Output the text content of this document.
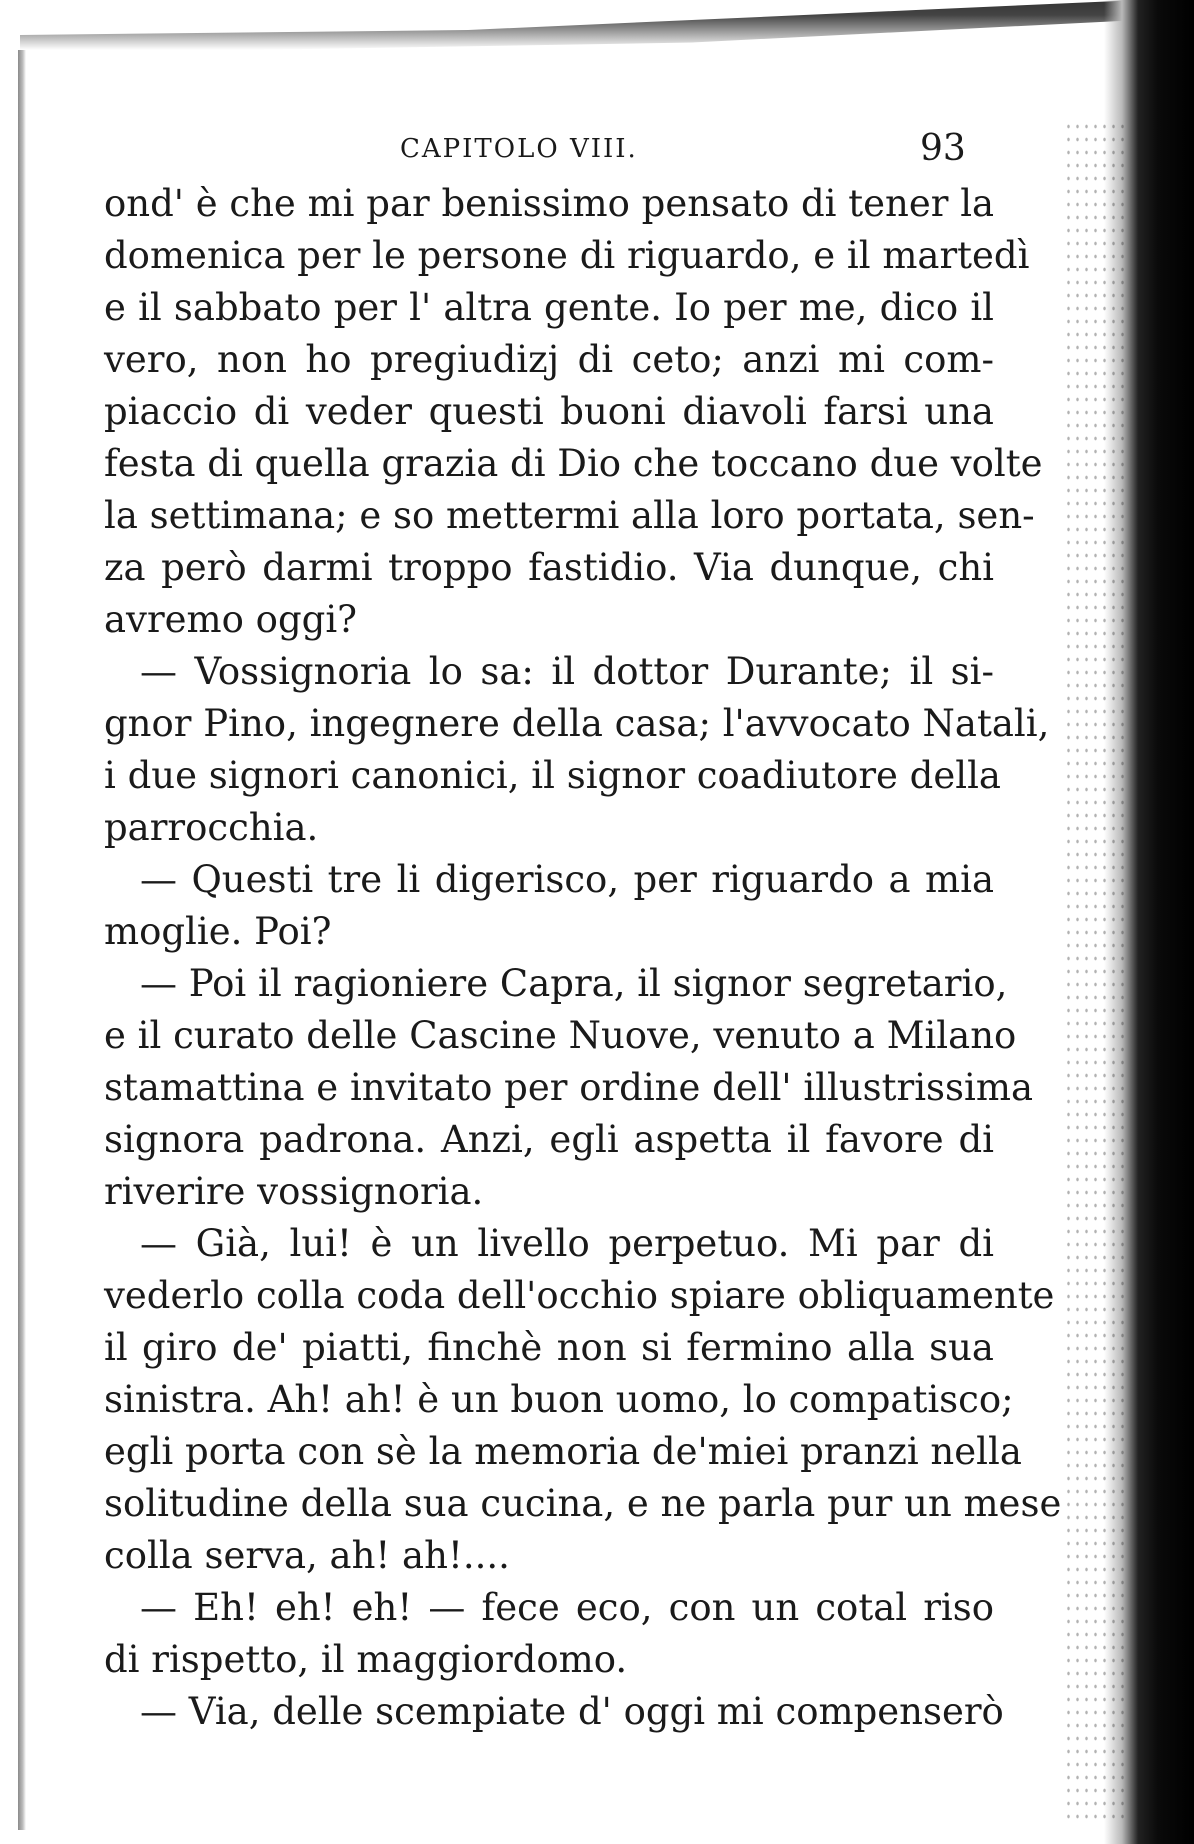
CAPITOLO VIII.	93
ond' è che mi par benissimo pensato di tener la
domenica per le persone di riguardo, e il martedì
e il sabbato per l' altra gente. Io per me, dico il
vero, non ho pregiudizj di ceto; anzi mi com-
piaccio di veder questi buoni diavoli farsi una
festa di quella grazia di Dio che toccano due volte
la settimana; e so mettermi alla loro portata, sen-
za però darmi troppo fastidio. Via dunque, chi
avremo oggi?
— Vossignoria lo sa: il dottor Durante; il si-
gnor Pino, ingegnere della casa; l'avvocato Natali,
i due signori canonici, il signor coadiutore della
parrocchia.
— Questi tre li digerisco, per riguardo a mia
moglie. Poi?
— Poi il ragioniere Capra, il signor segretario,
e il curato delle Cascine Nuove, venuto a Milano
stamattina e invitato per ordine dell' illustrissima
signora padrona. Anzi, egli aspetta il favore di
riverire vossignoria.
— Già, lui! è un livello perpetuo. Mi par di
vederlo colla coda dell'occhio spiare obliquamente
il giro de' piatti, finchè non si fermino alla sua
sinistra. Ah! ah! è un buon uomo, lo compatisco;
egli porta con sè la memoria de'miei pranzi nella
solitudine della sua cucina, e ne parla pur un mese
colla serva, ah! ah!....
— Eh! eh! eh! — fece eco, con un cotal riso
di rispetto, il maggiordomo.
— Via, delle scempiate d' oggi mi compenserò
